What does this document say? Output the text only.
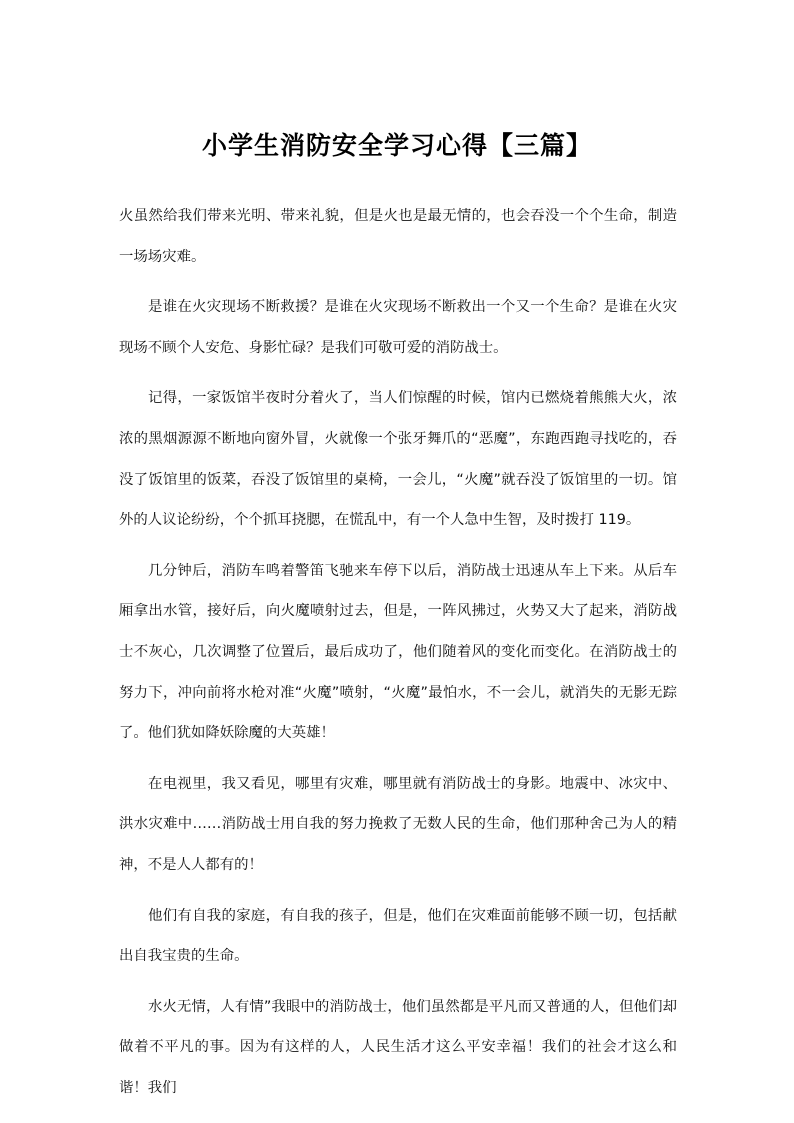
小学生消防安全学习心得【三篇】

火虽然给我们带来光明、带来礼貌，但是火也是最无情的，也会吞没一个个生命，制造一场场灾难。

是谁在火灾现场不断救援？是谁在火灾现场不断救出一个又一个生命？是谁在火灾现场不顾个人安危、身影忙碌？是我们可敬可爱的消防战士。

记得，一家饭馆半夜时分着火了，当人们惊醒的时候，馆内已燃烧着熊熊大火，浓浓的黑烟源源不断地向窗外冒，火就像一个张牙舞爪的“恶魔”，东跑西跑寻找吃的，吞没了饭馆里的饭菜，吞没了饭馆里的桌椅，一会儿，“火魔”就吞没了饭馆里的一切。馆外的人议论纷纷，个个抓耳挠腮，在慌乱中，有一个人急中生智，及时拨打 119。

几分钟后，消防车鸣着警笛飞驰来车停下以后，消防战士迅速从车上下来。从后车厢拿出水管，接好后，向火魔喷射过去，但是，一阵风拂过，火势又大了起来，消防战士不灰心，几次调整了位置后，最后成功了，他们随着风的变化而变化。在消防战士的努力下，冲向前将水枪对准“火魔”喷射，“火魔”最怕水，不一会儿，就消失的无影无踪了。他们犹如降妖除魔的大英雄！

在电视里，我又看见，哪里有灾难，哪里就有消防战士的身影。地震中、冰灾中、洪水灾难中……消防战士用自我的努力挽救了无数人民的生命，他们那种舍己为人的精神，不是人人都有的！

他们有自我的家庭，有自我的孩子，但是，他们在灾难面前能够不顾一切，包括献出自我宝贵的生命。

水火无情，人有情”我眼中的消防战士，他们虽然都是平凡而又普通的人，但他们却做着不平凡的事。因为有这样的人，人民生活才这么平安幸福！我们的社会才这么和谐！我们
